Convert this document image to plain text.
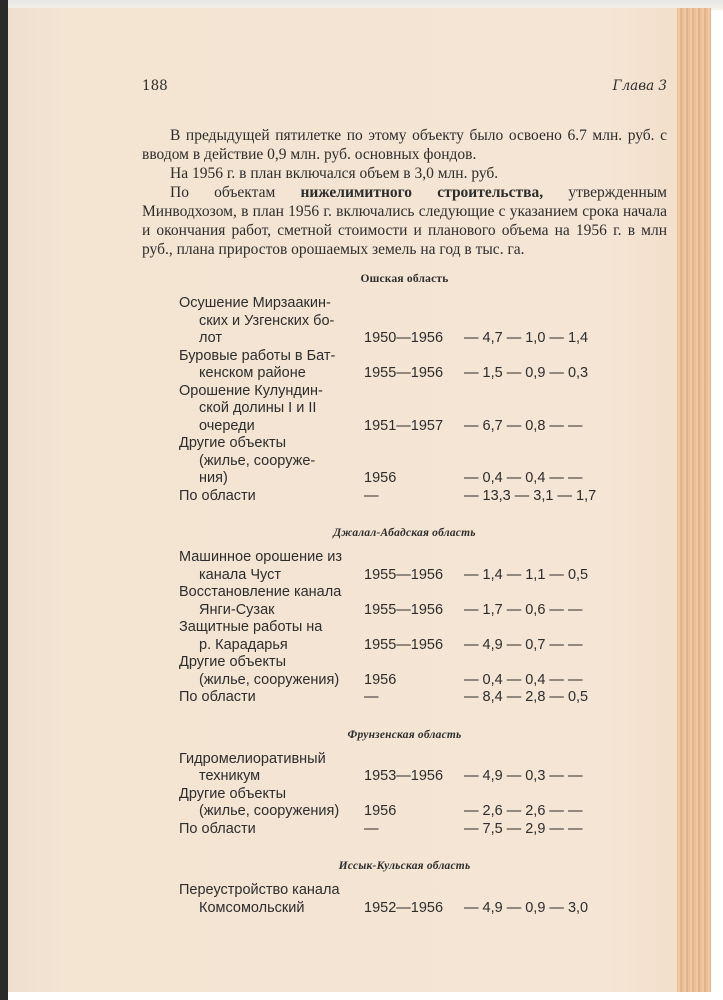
188	Глава 3

В предыдущей пятилетке по этому объекту было освоено 6.7 млн. руб. с вводом в действие 0,9 млн. руб. основных фондов.

На 1956 г. в план включался объем в 3,0 млн. руб.

По объектам нижелимитного строительства, утвержденным Минводхозом, в план 1956 г. включались следующие с указанием срока начала и окончания работ, сметной стоимости и планового объема на 1956 г. в млн руб., плана приростов орошаемых земель на год в тыс. га.

Ошская область
Осушение Мирзаакин-
ских и Узгенских бо-
лот	1950—1956	— 4,7 — 1,0 — 1,4

Буровые работы в Бат-
кенском районе	1955—1956	— 1,5 — 0,9 — 0,3

Орошение Кулундин-
ской долины I и II
очереди	1951—1957	— 6,7 — 0,8 — —

Другие объекты
(жилье, сооруже-
ния)	1956	— 0,4 — 0,4 — —

По области	—	— 13,3 — 3,1 — 1,7
Джалал-Абадская область
Машинное орошение из
канала Чуст	1955—1956	— 1,4 — 1,1 — 0,5

Восстановление канала
Янги-Сузак	1955—1956	— 1,7 — 0,6 — —

Защитные работы на
р. Карадарья	1955—1956	— 4,9 — 0,7 — —

Другие объекты
(жилье, сооружения)	1956	— 0,4 — 0,4 — —

По области	—	— 8,4 — 2,8 — 0,5
Фрунзенская область
Гидромелиоративный
техникум	1953—1956	— 4,9 — 0,3 — —

Другие объекты
(жилье, сооружения)	1956	— 2,6 — 2,6 — —

По области	—	— 7,5 — 2,9 — —
Иссык-Кульская область
Переустройство канала
Комсомольский	1952—1956	— 4,9 — 0,9 — 3,0
